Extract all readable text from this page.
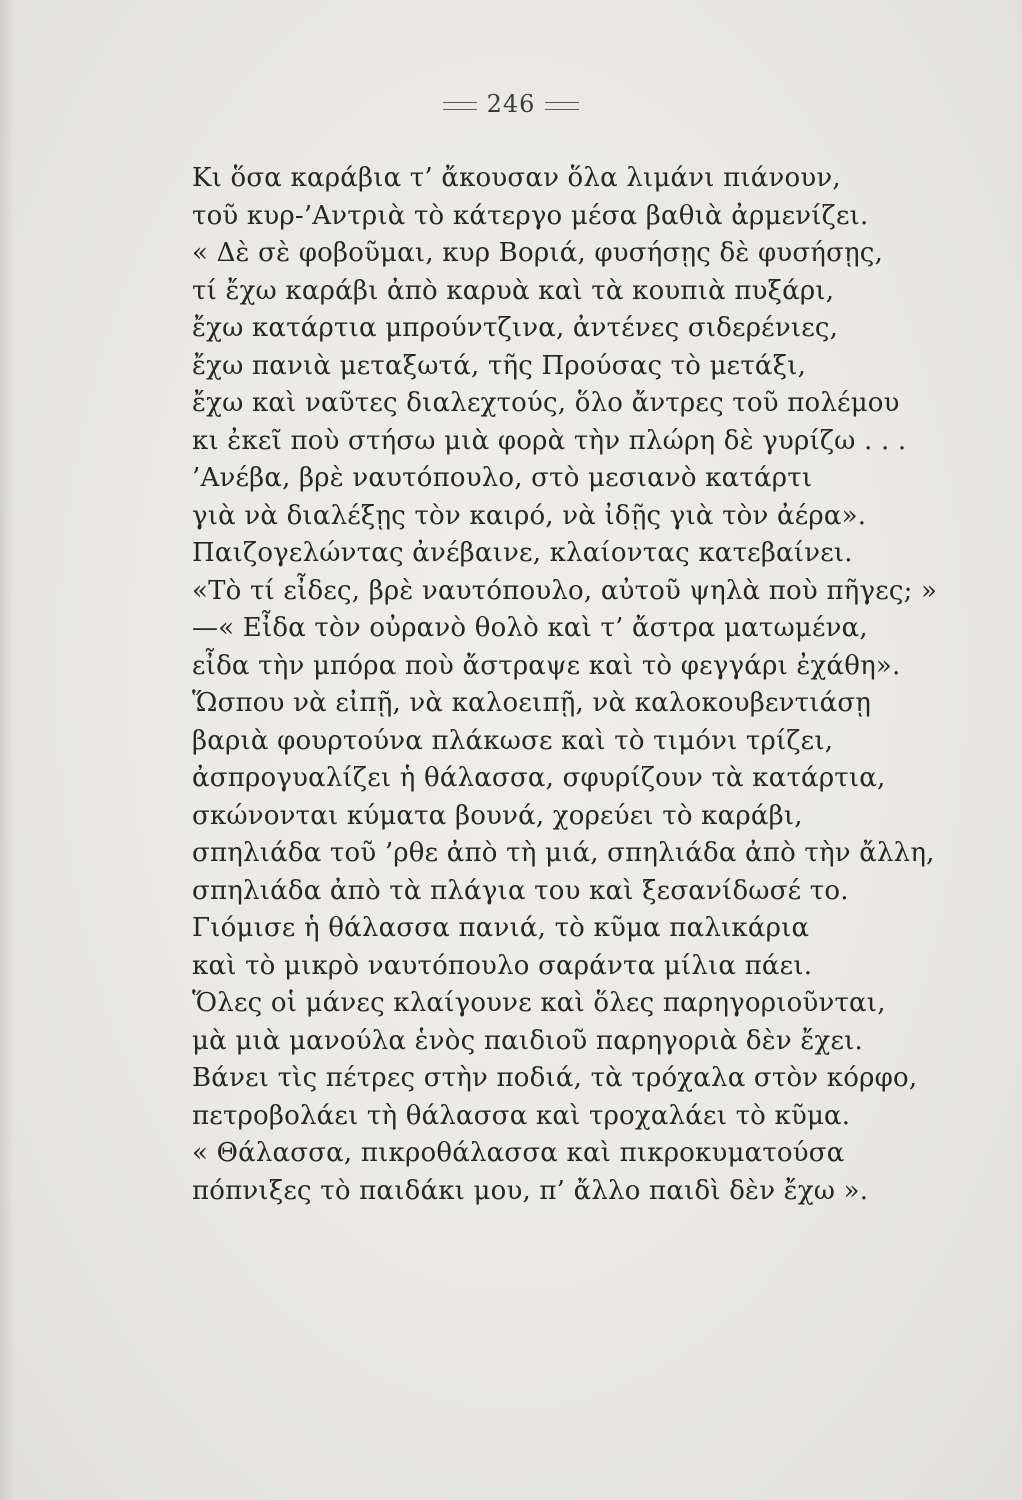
246
Κι ὅσα καράβια τ’ ἄκουσαν ὅλα λιμάνι πιάνουν,
τοῦ κυρ-’Αντριὰ τὸ κάτεργο μέσα βαθιὰ ἀρμενίζει.
« Δὲ σὲ φοβοῦμαι, κυρ Βοριά, φυσήσῃς δὲ φυσήσῃς,
τί ἔχω καράβι ἀπὸ καρυὰ καὶ τὰ κουπιὰ πυξάρι,
ἔχω κατάρτια μπρούντζινα, ἀντένες σιδερένιες,
ἔχω πανιὰ μεταξωτά, τῆς Προύσας τὸ μετάξι,
ἔχω καὶ ναῦτες διαλεχτούς, ὅλο ἄντρες τοῦ πολέμου
κι ἐκεῖ ποὺ στήσω μιὰ φορὰ τὴν πλώρη δὲ γυρίζω . . .
’Ανέβα, βρὲ ναυτόπουλο, στὸ μεσιανὸ κατάρτι
γιὰ νὰ διαλέξῃς τὸν καιρό, νὰ ἰδῇς γιὰ τὸν ἀέρα».
Παιζογελώντας ἀνέβαινε, κλαίοντας κατεβαίνει.
«Τὸ τί εἶδες, βρὲ ναυτόπουλο, αὐτοῦ ψηλὰ ποὺ πῆγες; »
—« Εἶδα τὸν οὐρανὸ θολὸ καὶ τ’ ἄστρα ματωμένα,
εἶδα τὴν μπόρα ποὺ ἄστραψε καὶ τὸ φεγγάρι ἐχάθη».
Ὥσπου νὰ εἰπῇ, νὰ καλοειπῇ, νὰ καλοκουβεντιάσῃ
βαριὰ φουρτούνα πλάκωσε καὶ τὸ τιμόνι τρίζει,
ἀσπρογυαλίζει ἡ θάλασσα, σφυρίζουν τὰ κατάρτια,
σκώνονται κύματα βουνά, χορεύει τὸ καράβι,
σπηλιάδα τοῦ ’ρθε ἀπὸ τὴ μιά, σπηλιάδα ἀπὸ τὴν ἄλλη,
σπηλιάδα ἀπὸ τὰ πλάγια του καὶ ξεσανίδωσέ το.
Γιόμισε ἡ θάλασσα πανιά, τὸ κῦμα παλικάρια
καὶ τὸ μικρὸ ναυτόπουλο σαράντα μίλια πάει.
Ὅλες οἱ μάνες κλαίγουνε καὶ ὅλες παρηγοριοῦνται,
μὰ μιὰ μανούλα ἑνὸς παιδιοῦ παρηγοριὰ δὲν ἔχει.
Βάνει τὶς πέτρες στὴν ποδιά, τὰ τρόχαλα στὸν κόρφο,
πετροβολάει τὴ θάλασσα καὶ τροχαλάει τὸ κῦμα.
« Θάλασσα, πικροθάλασσα καὶ πικροκυματούσα
πόπνιξες τὸ παιδάκι μου, π’ ἄλλο παιδὶ δὲν ἔχω ».
